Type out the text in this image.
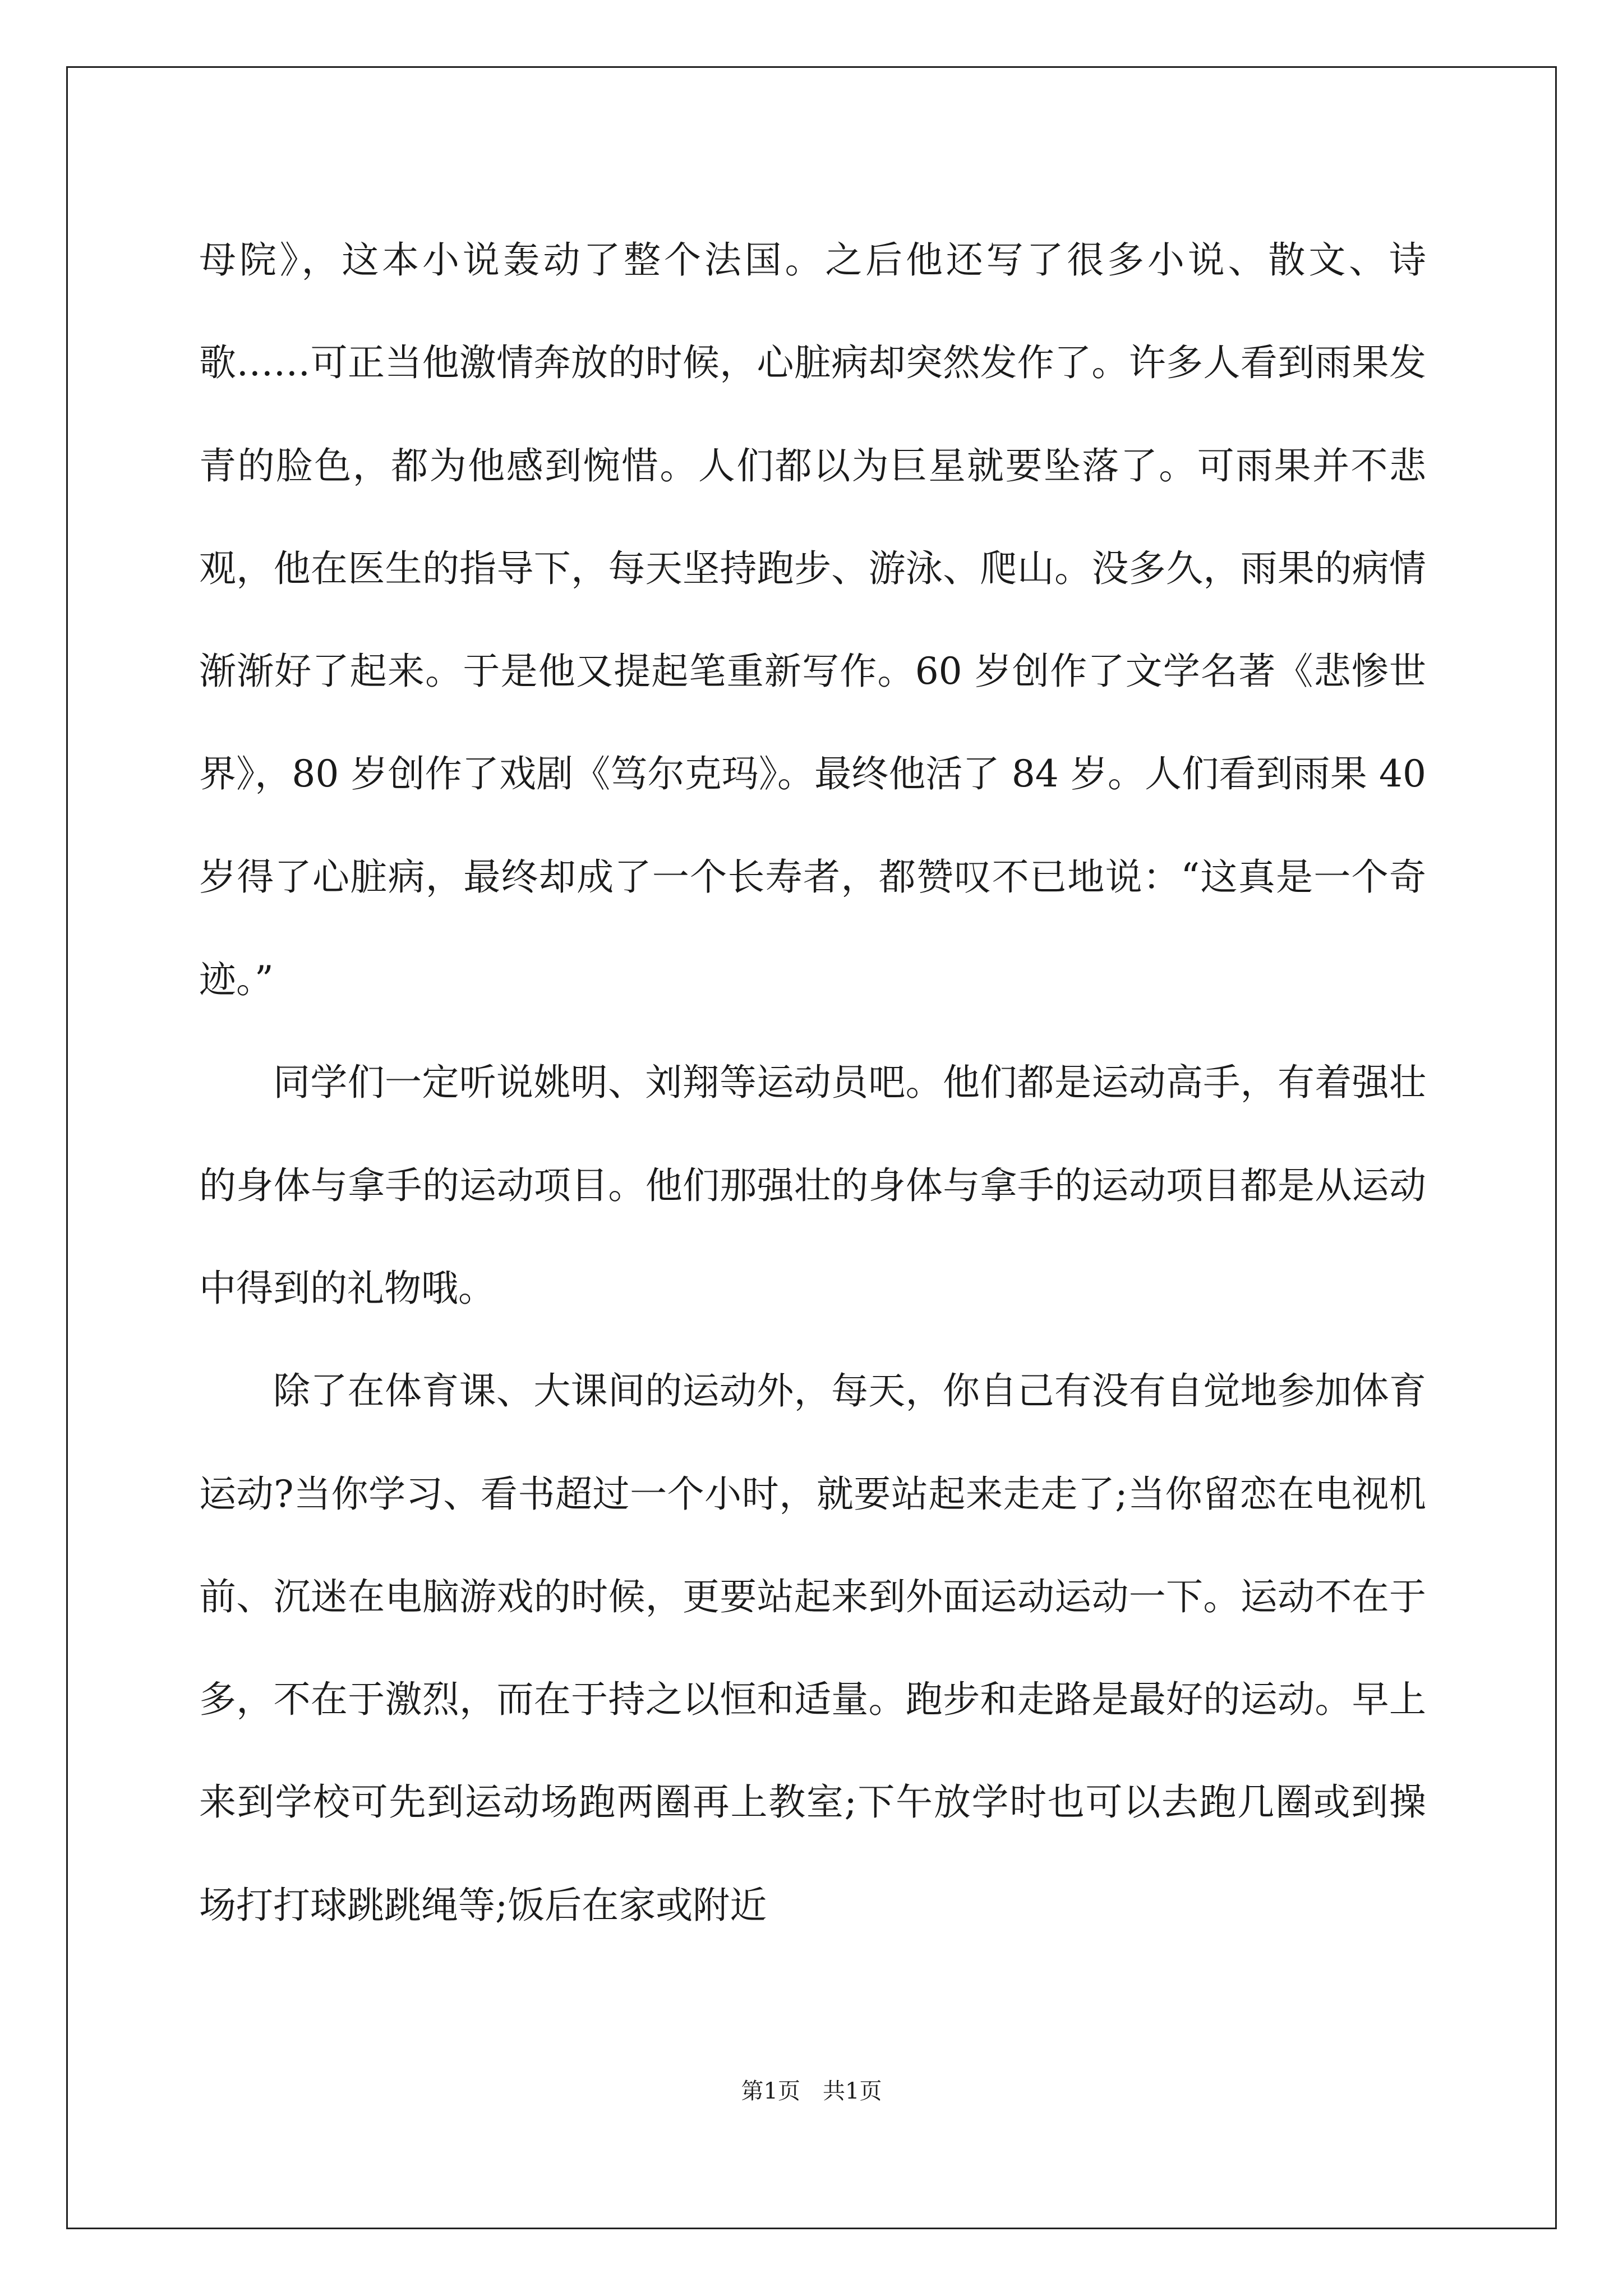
母院》，这本小说轰动了整个法国。之后他还写了很多小说、散文、诗歌……可正当他激情奔放的时候，心脏病却突然发作了。许多人看到雨果发青的脸色，都为他感到惋惜。人们都以为巨星就要坠落了。可雨果并不悲观，他在医生的指导下，每天坚持跑步、游泳、爬山。没多久，雨果的病情渐渐好了起来。于是他又提起笔重新写作。60 岁创作了文学名著《悲惨世界》，80 岁创作了戏剧《笃尔克玛》。最终他活了 84 岁。人们看到雨果 40 岁得了心脏病，最终却成了一个长寿者，都赞叹不已地说：“这真是一个奇迹。”

同学们一定听说姚明、刘翔等运动员吧。他们都是运动高手，有着强壮的身体与拿手的运动项目。他们那强壮的身体与拿手的运动项目都是从运动中得到的礼物哦。

除了在体育课、大课间的运动外，每天，你自己有没有自觉地参加体育运动?当你学习、看书超过一个小时，就要站起来走走了;当你留恋在电视机前、沉迷在电脑游戏的时候，更要站起来到外面运动运动一下。运动不在于多，不在于激烈，而在于持之以恒和适量。跑步和走路是最好的运动。早上来到学校可先到运动场跑两圈再上教室;下午放学时也可以去跑几圈或到操场打打球跳跳绳等;饭后在家或附近

第1页　共1页
